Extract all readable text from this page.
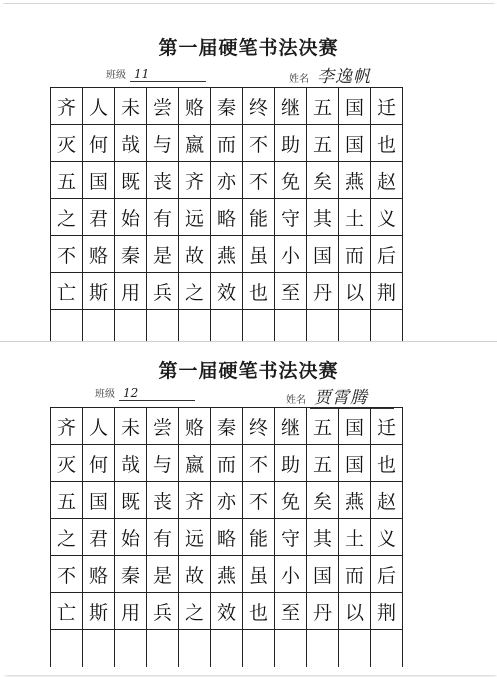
第一届硬笔书法决赛
班级 11	姓名 李逸帆
齐 人 未 尝 赂 秦 终 继 五 国 迁
灭 何 哉 与 嬴 而 不 助 五 国 也
五 国 既 丧 齐 亦 不 免 矣 燕 赵
之 君 始 有 远 略 能 守 其 土 义
不 赂 秦 是 故 燕 虽 小 国 而 后
亡 斯 用 兵 之 效 也 至 丹 以 荆
第一届硬笔书法决赛
班级 12
姓名 贾霄腾
齐 人 未 尝 赂 秦 终 继 五 国 迁
灭 何 哉 与 嬴 而 不 助 五 国 也
五 国 既 丧 齐 亦 不 免 矣 燕 赵
之 君 始 有 远 略 能 守 其 土 义
不 赂 秦 是 故 燕 虽 小 国 而 后
亡 斯 用 兵 之 效 也 至 丹 以 荆
